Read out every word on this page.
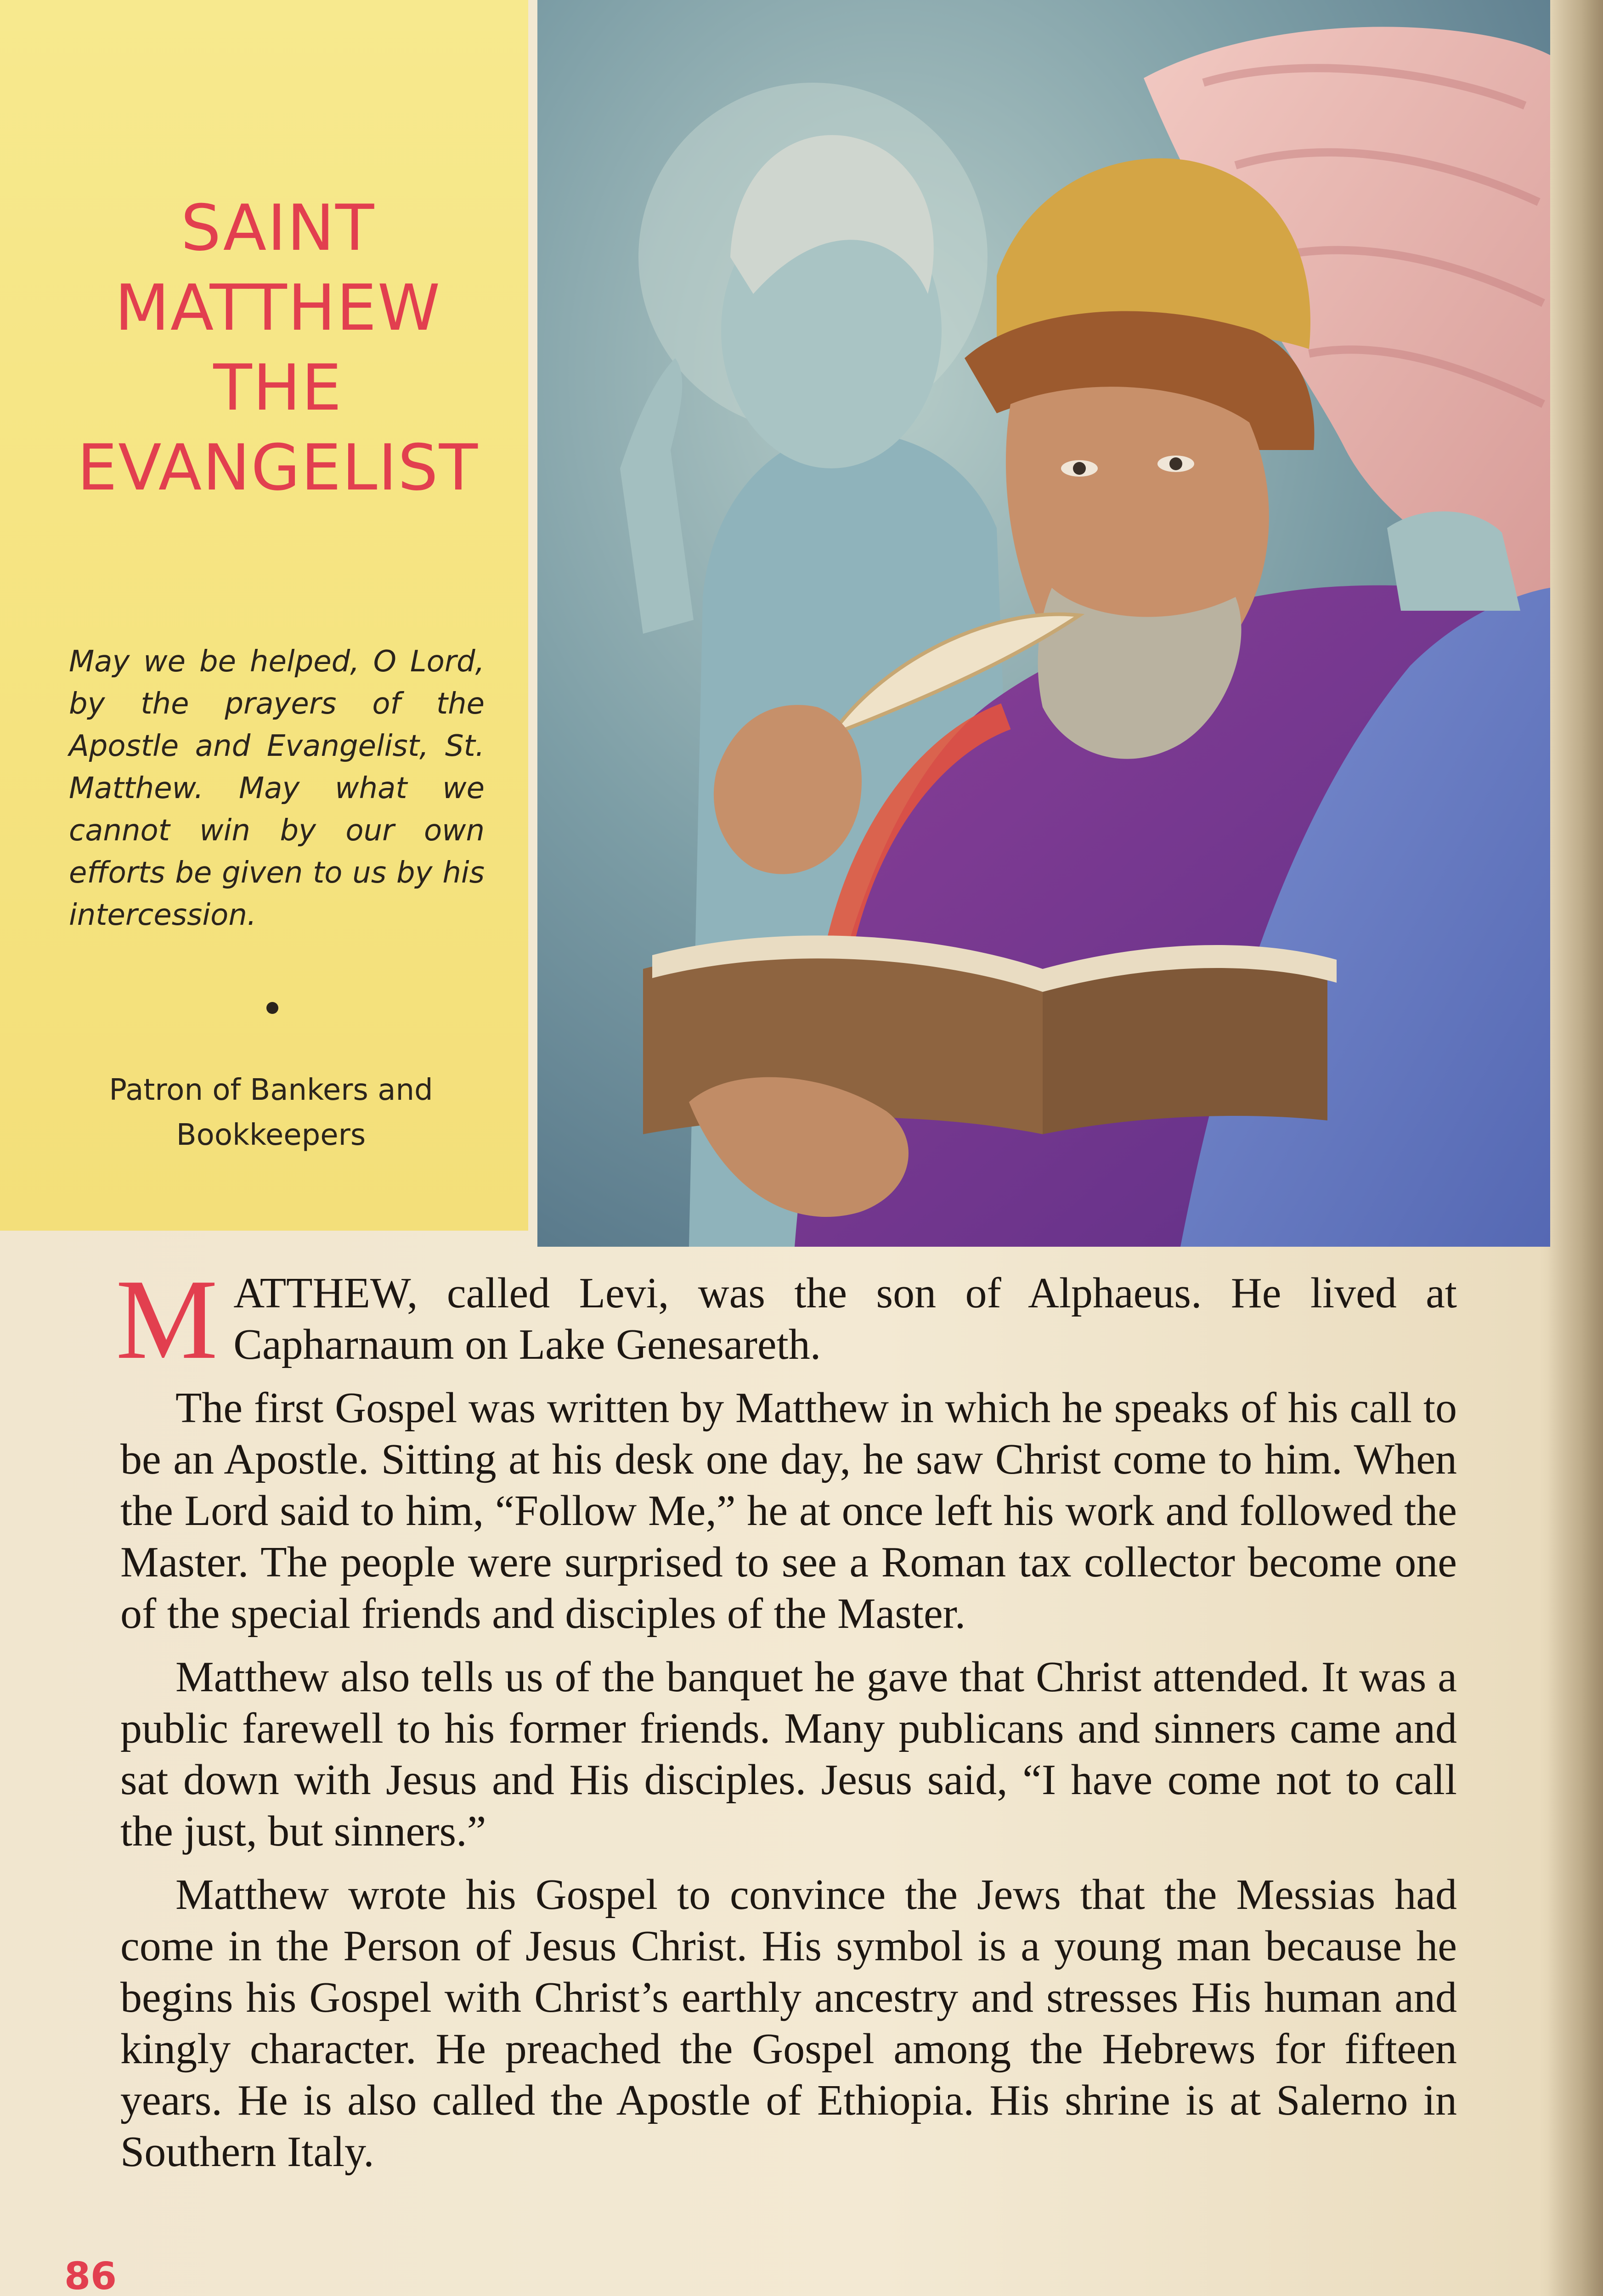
SAINT
MATTHEW
THE
EVANGELIST
May we be helped, O Lord, by the prayers of the Apostle and Evangelist, St. Matthew. May what we cannot win by our own efforts be given to us by his intercession.
Patron of Bankers and Bookkeepers

M ATTHEW, called Levi, was the son of Alphaeus. He lived at Capharnaum on Lake Genesareth.

The first Gospel was written by Matthew in which he speaks of his call to be an Apostle. Sitting at his desk one day, he saw Christ come to him. When the Lord said to him, “Follow Me,” he at once left his work and followed the Master. The people were surprised to see a Roman tax collector become one of the special friends and disciples of the Master.

Matthew also tells us of the banquet he gave that Christ attended. It was a public farewell to his former friends. Many publicans and sinners came and sat down with Jesus and His disciples. Jesus said, “I have come not to call the just, but sinners.”

Matthew wrote his Gospel to convince the Jews that the Messias had come in the Person of Jesus Christ. His symbol is a young man because he begins his Gospel with Christ’s earthly ancestry and stresses His human and kingly character. He preached the Gospel among the Hebrews for fifteen years. He is also called the Apostle of Ethiopia. His shrine is at Salerno in Southern Italy.

86
